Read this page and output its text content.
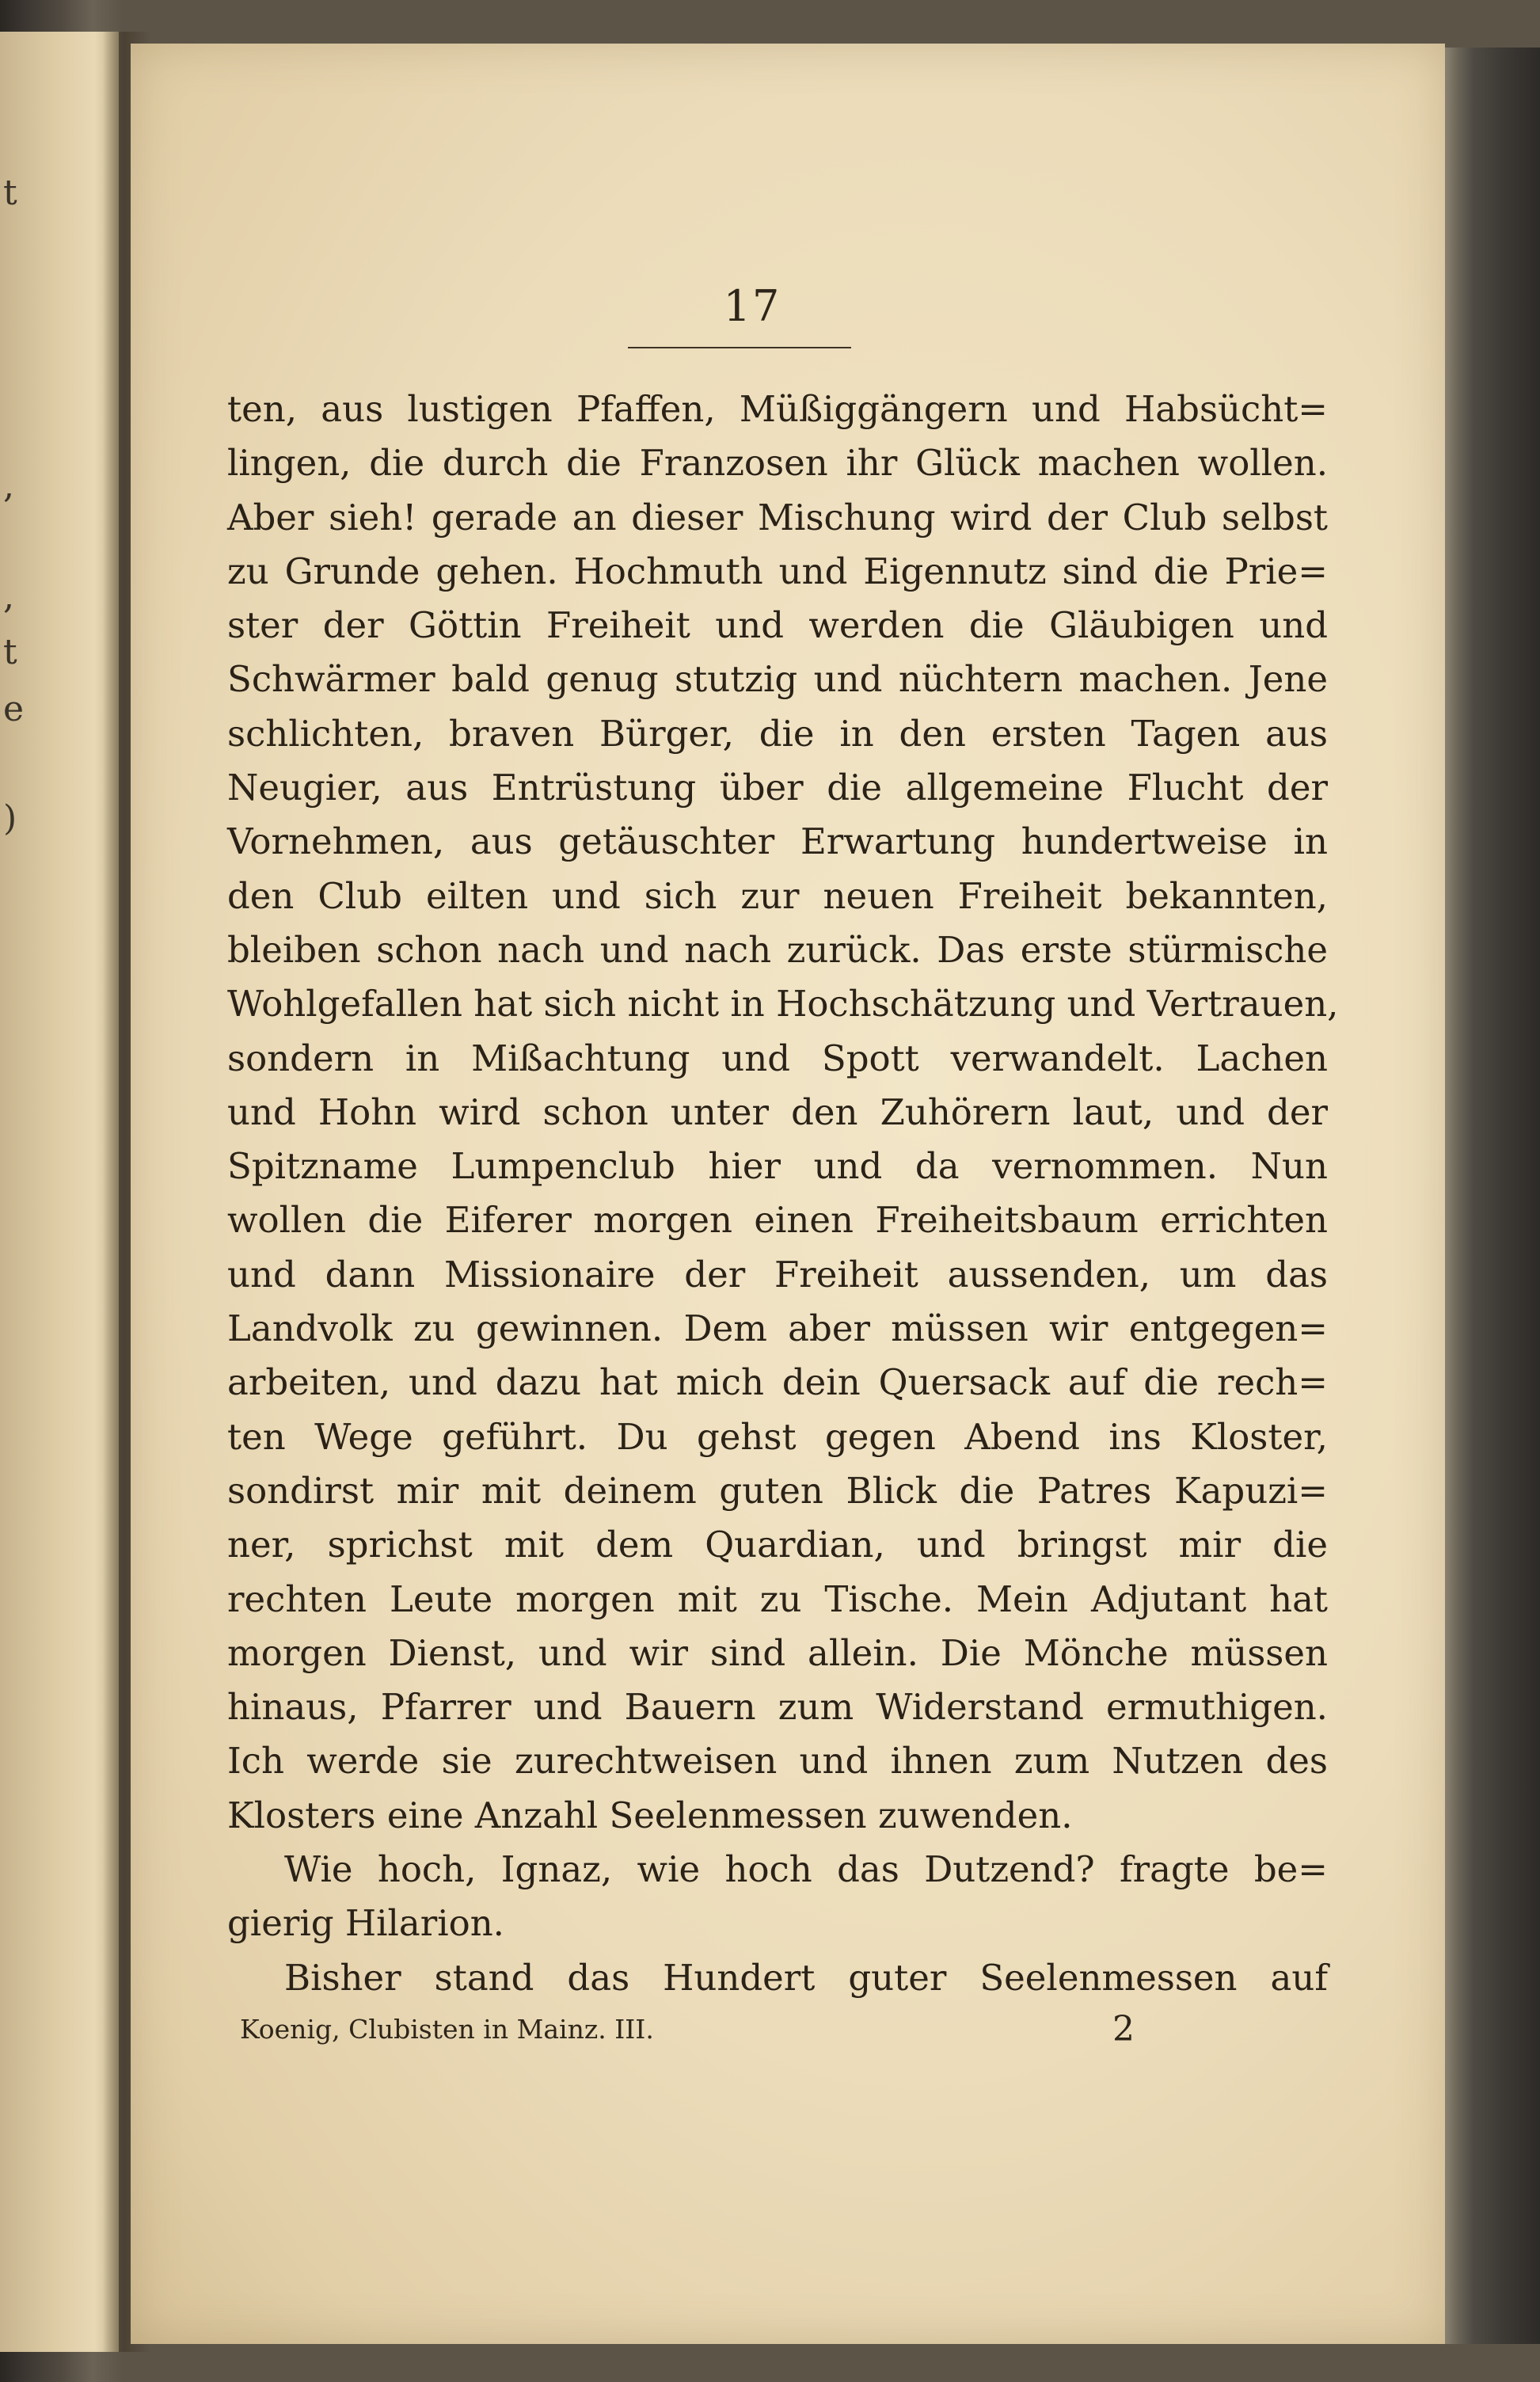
t
,
,
t
e
)
17
ten, aus lustigen Pfaffen, Müßiggängern und Habsücht=
lingen, die durch die Franzosen ihr Glück machen wollen.
Aber sieh! gerade an dieser Mischung wird der Club selbst
zu Grunde gehen. Hochmuth und Eigennutz sind die Prie=
ster der Göttin Freiheit und werden die Gläubigen und
Schwärmer bald genug stutzig und nüchtern machen. Jene
schlichten, braven Bürger, die in den ersten Tagen aus
Neugier, aus Entrüstung über die allgemeine Flucht der
Vornehmen, aus getäuschter Erwartung hundertweise in
den Club eilten und sich zur neuen Freiheit bekannten,
bleiben schon nach und nach zurück. Das erste stürmische
Wohlgefallen hat sich nicht in Hochschätzung und Vertrauen,
sondern in Mißachtung und Spott verwandelt. Lachen
und Hohn wird schon unter den Zuhörern laut, und der
Spitzname Lumpenclub hier und da vernommen. Nun
wollen die Eiferer morgen einen Freiheitsbaum errichten
und dann Missionaire der Freiheit aussenden, um das
Landvolk zu gewinnen. Dem aber müssen wir entgegen=
arbeiten, und dazu hat mich dein Quersack auf die rech=
ten Wege geführt. Du gehst gegen Abend ins Kloster,
sondirst mir mit deinem guten Blick die Patres Kapuzi=
ner, sprichst mit dem Quardian, und bringst mir die
rechten Leute morgen mit zu Tische. Mein Adjutant hat
morgen Dienst, und wir sind allein. Die Mönche müssen
hinaus, Pfarrer und Bauern zum Widerstand ermuthigen.
Ich werde sie zurechtweisen und ihnen zum Nutzen des
Klosters eine Anzahl Seelenmessen zuwenden.
Wie hoch, Ignaz, wie hoch das Dutzend? fragte be=
gierig Hilarion.
Bisher stand das Hundert guter Seelenmessen auf
Koenig, Clubisten in Mainz. III.	2
